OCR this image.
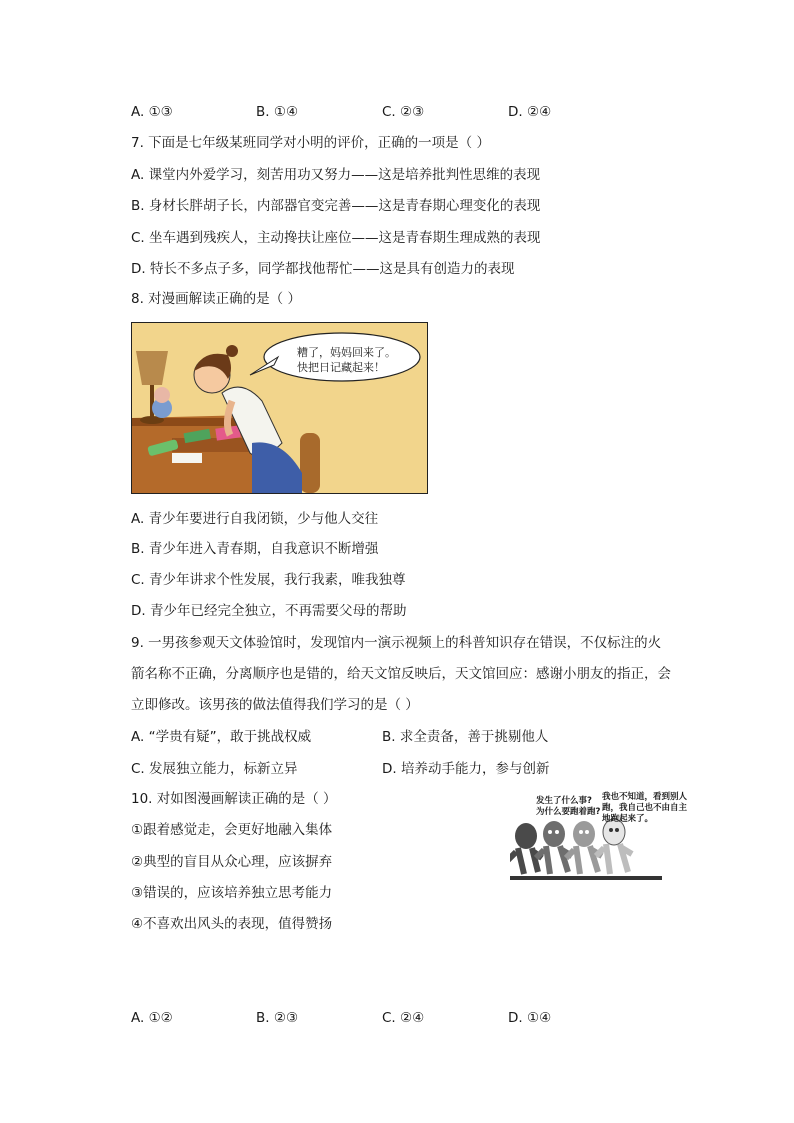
A. ①③	B. ①④	C. ②③	D. ②④
7. 下面是七年级某班同学对小明的评价，正确的一项是（ ）
A. 课堂内外爱学习，刻苦用功又努力——这是培养批判性思维的表现
B. 身材长胖胡子长，内部器官变完善——这是青春期心理变化的表现
C. 坐车遇到残疾人，主动搀扶让座位——这是青春期生理成熟的表现
D. 特长不多点子多，同学都找他帮忙——这是具有创造力的表现
8. 对漫画解读正确的是（ ）
糟了，妈妈回来了。
快把日记藏起来！
A. 青少年要进行自我闭锁，少与他人交往
B. 青少年进入青春期，自我意识不断增强
C. 青少年讲求个性发展，我行我素，唯我独尊
D. 青少年已经完全独立，不再需要父母的帮助
9. 一男孩参观天文体验馆时，发现馆内一演示视频上的科普知识存在错误，不仅标注的火
箭名称不正确，分离顺序也是错的，给天文馆反映后，天文馆回应：感谢小朋友的指正，会
立即修改。该男孩的做法值得我们学习的是（ ）
A. “学贵有疑”，敢于挑战权威	B. 求全责备，善于挑剔他人
C. 发展独立能力，标新立异	D. 培养动手能力，参与创新
10. 对如图漫画解读正确的是（ ）
①跟着感觉走，会更好地融入集体
②典型的盲目从众心理，应该摒弃
③错误的，应该培养独立思考能力
④不喜欢出风头的表现，值得赞扬
发生了什么事?
为什么要跑着跑?
我也不知道，看到别人
跑，我自己也不由自主
地跑起来了。
A. ①②	B. ②③	C. ②④	D. ①④
